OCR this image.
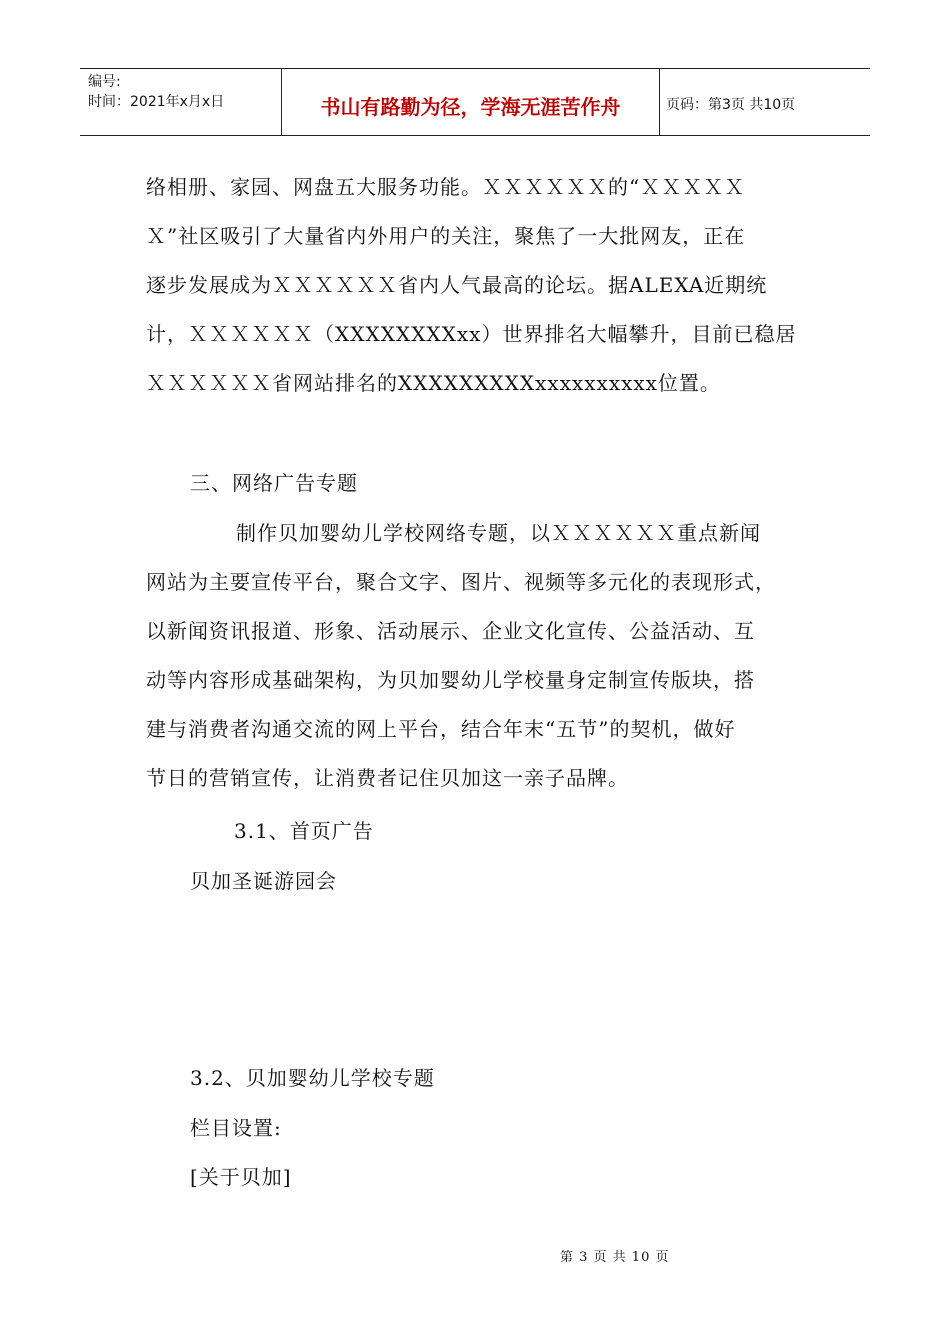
编号:
时间：2021年x月x日	书山有路勤为径，学海无涯苦作舟	页码：第3页 共10页
络相册、家园、网盘五大服务功能。ＸＸＸＸＸＸ的“ＸＸＸＸＸ
Ｘ”社区吸引了大量省内外用户的关注，聚焦了一大批网友，正在
逐步发展成为ＸＸＸＸＸＸ省内人气最高的论坛。据ALEXA近期统
计，ＸＸＸＸＸＸ（XXXXXXXXxx）世界排名大幅攀升，目前已稳居
ＸＸＸＸＸＸ省网站排名的XXXXXXXXXxxxxxxxxxx位置。
三、网络广告专题
制作贝加婴幼儿学校网络专题，以ＸＸＸＸＸＸ重点新闻
网站为主要宣传平台，聚合文字、图片、视频等多元化的表现形式，
以新闻资讯报道、形象、活动展示、企业文化宣传、公益活动、互
动等内容形成基础架构，为贝加婴幼儿学校量身定制宣传版块，搭
建与消费者沟通交流的网上平台，结合年末“五节”的契机，做好
节日的营销宣传，让消费者记住贝加这一亲子品牌。
3.1、首页广告
贝加圣诞游园会
3.2、贝加婴幼儿学校专题
栏目设置:
[关于贝加]
第 3 页 共 10 页
